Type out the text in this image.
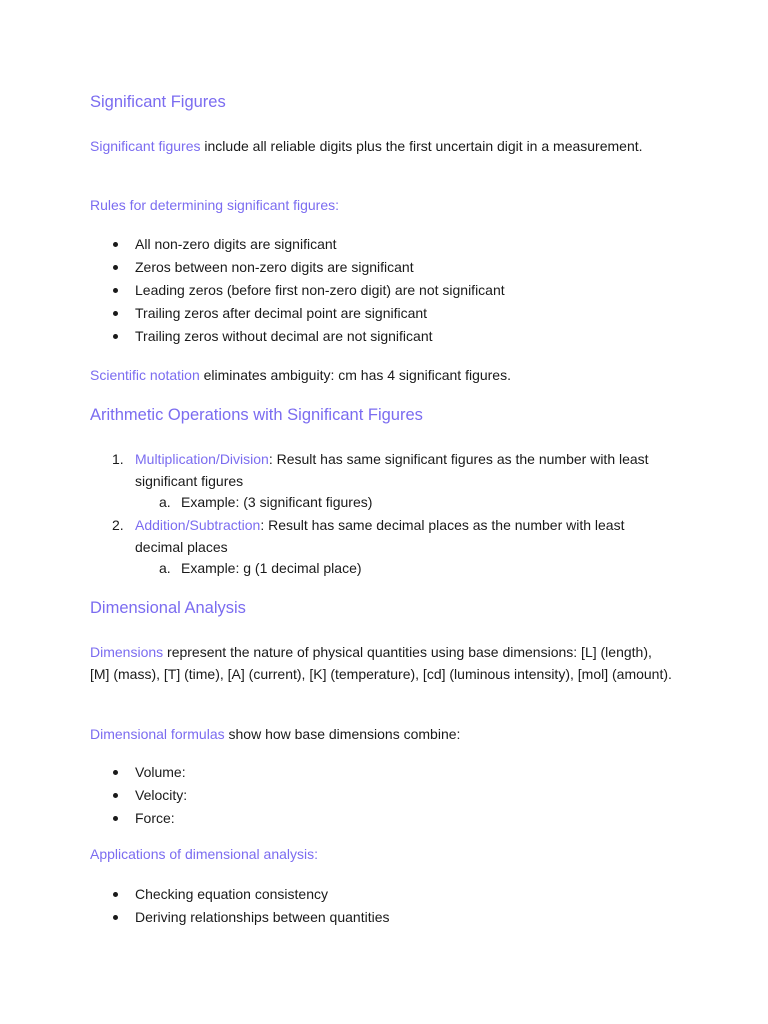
Significant Figures

Significant figures include all reliable digits plus the first uncertain digit in a measurement.

Rules for determining significant figures:

All non-zero digits are significant
Zeros between non-zero digits are significant
Leading zeros (before first non-zero digit) are not significant
Trailing zeros after decimal point are significant
Trailing zeros without decimal are not significant

Scientific notation eliminates ambiguity: cm has 4 significant figures.

Arithmetic Operations with Significant Figures
1. Multiplication/Division: Result has same significant figures as the number with least significant figures
a. Example: (3 significant figures)
2. Addition/Subtraction: Result has same decimal places as the number with least decimal places
a. Example: g (1 decimal place)
Dimensional Analysis

Dimensions represent the nature of physical quantities using base dimensions: [L] (length), [M] (mass), [T] (time), [A] (current), [K] (temperature), [cd] (luminous intensity), [mol] (amount).

Dimensional formulas show how base dimensions combine:

Volume:
Velocity:
Force:

Applications of dimensional analysis:

Checking equation consistency
Deriving relationships between quantities
